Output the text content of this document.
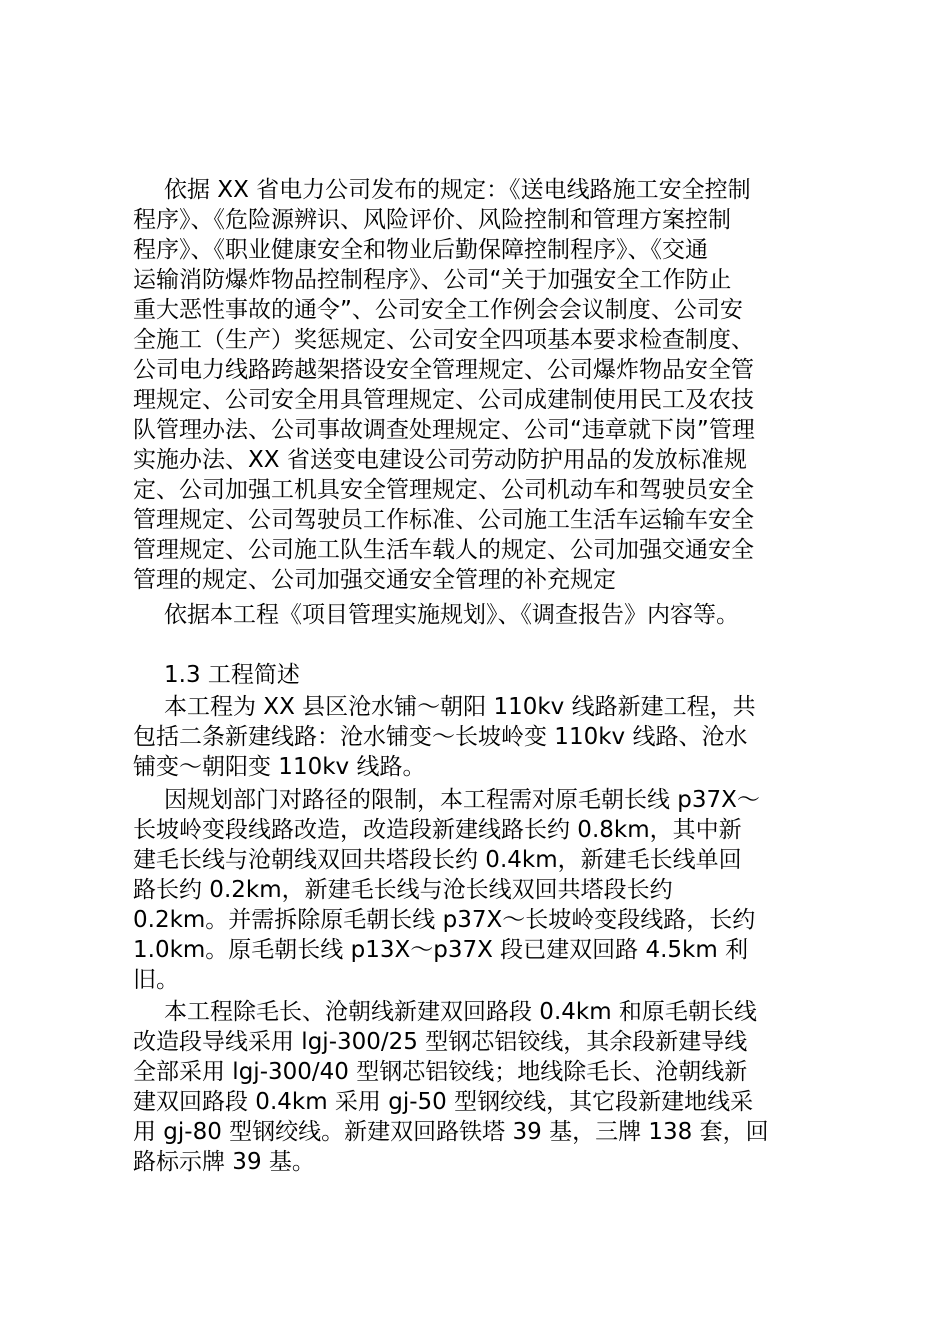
依据 XX 省电力公司发布的规定：《送电线路施工安全控制
程序》、《危险源辨识、风险评价、风险控制和管理方案控制
程序》、《职业健康安全和物业后勤保障控制程序》、《交通
运输消防爆炸物品控制程序》、公司“关于加强安全工作防止
重大恶性事故的通令”、公司安全工作例会会议制度、公司安
全施工（生产）奖惩规定、公司安全四项基本要求检查制度、
公司电力线路跨越架搭设安全管理规定、公司爆炸物品安全管
理规定、公司安全用具管理规定、公司成建制使用民工及农技
队管理办法、公司事故调查处理规定、公司“违章就下岗”管理
实施办法、XX 省送变电建设公司劳动防护用品的发放标准规
定、公司加强工机具安全管理规定、公司机动车和驾驶员安全
管理规定、公司驾驶员工作标准、公司施工生活车运输车安全
管理规定、公司施工队生活车载人的规定、公司加强交通安全
管理的规定、公司加强交通安全管理的补充规定
依据本工程《项目管理实施规划》、《调查报告》内容等。
1.3 工程简述
本工程为 XX 县区沧水铺～朝阳 110kv 线路新建工程，共
包括二条新建线路：沧水铺变～长坡岭变 110kv 线路、沧水
铺变～朝阳变 110kv 线路。
因规划部门对路径的限制，本工程需对原毛朝长线 p37X～
长坡岭变段线路改造，改造段新建线路长约 0.8km，其中新
建毛长线与沧朝线双回共塔段长约 0.4km，新建毛长线单回
路长约 0.2km，新建毛长线与沧长线双回共塔段长约
0.2km。并需拆除原毛朝长线 p37X～长坡岭变段线路，长约
1.0km。原毛朝长线 p13X～p37X 段已建双回路 4.5km 利
旧。
本工程除毛长、沧朝线新建双回路段 0.4km 和原毛朝长线
改造段导线采用 lgj-300/25 型钢芯铝铰线，其余段新建导线
全部采用 lgj-300/40 型钢芯铝铰线；地线除毛长、沧朝线新
建双回路段 0.4km 采用 gj-50 型钢绞线，其它段新建地线采
用 gj-80 型钢绞线。新建双回路铁塔 39 基，三牌 138 套，回
路标示牌 39 基。
